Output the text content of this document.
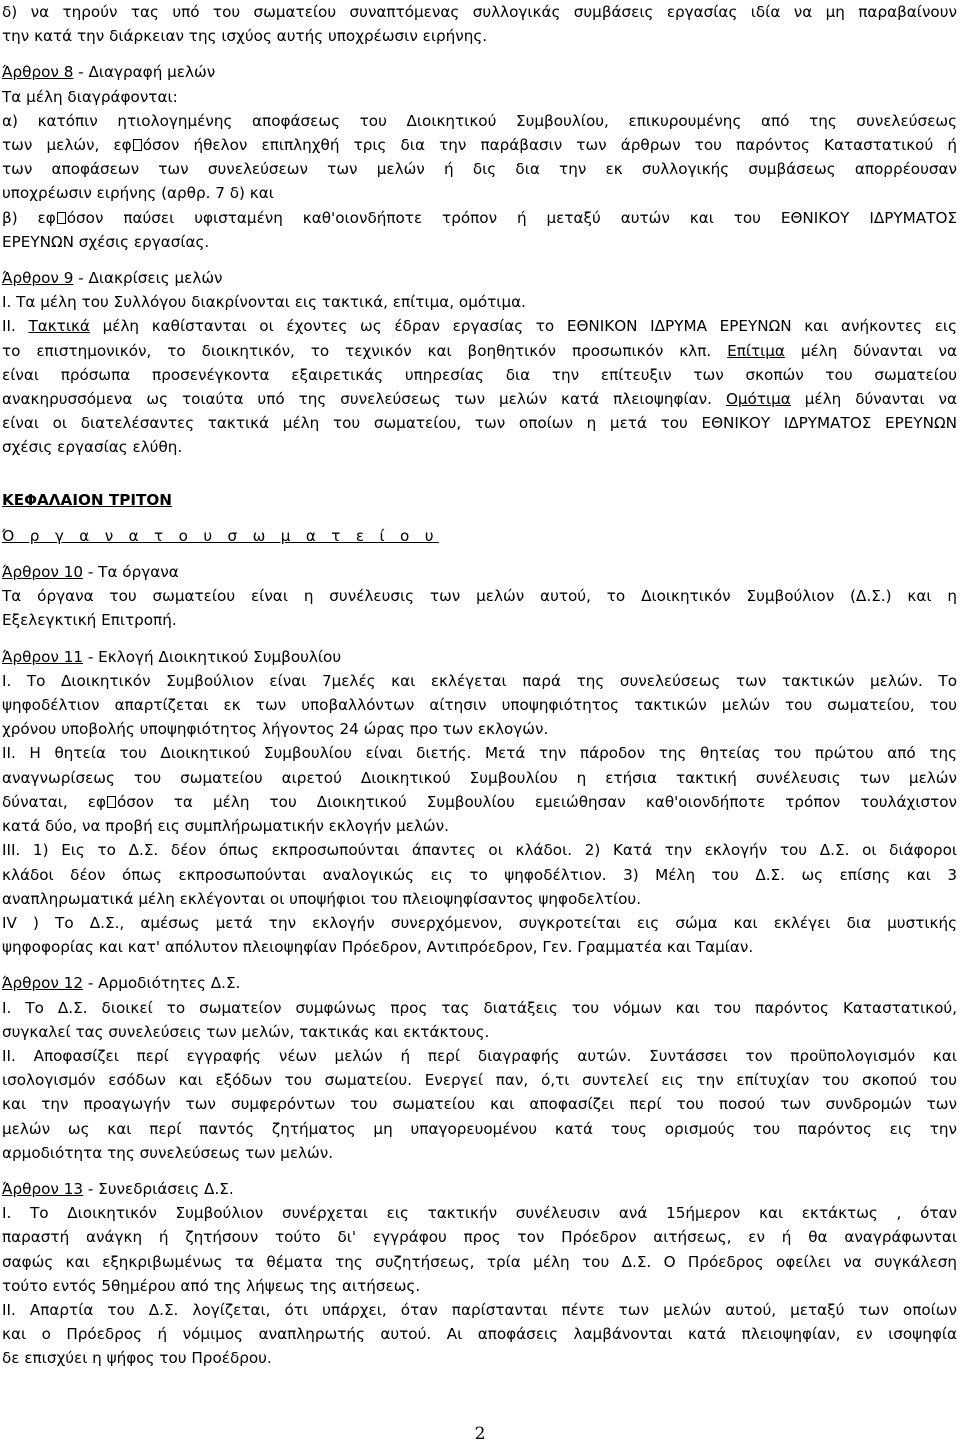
δ) να τηρούν τας υπό του σωματείου συναπτόμενας συλλογικάς συμβάσεις εργασίας ιδία να μη παραβαίνουν
την κατά την διάρκειαν της ισχύος αυτής υποχρέωσιν ειρήνης.
Άρθρον 8 - Διαγραφή μελών
Τα μέλη διαγράφονται:
α) κατόπιν ητιολογημένης αποφάσεως του Διοικητικού Συμβουλίου, επικυρουμένης από της συνελεύσεως
των μελών, εφ όσον ήθελον επιπληχθή τρις δια την παράβασιν των άρθρων του παρόντος Καταστατικού ή
των αποφάσεων των συνελεύσεων των μελών ή δις δια την εκ συλλογικής συμβάσεως απορρέουσαν
υποχρέωσιν ειρήνης (αρθρ. 7 δ) και
β) εφ όσον παύσει υφισταμένη καθ'οιονδήποτε τρόπον ή μεταξύ αυτών και του ΕΘΝΙΚΟΥ ΙΔΡΥΜΑΤΟΣ
ΕΡΕΥΝΩΝ σχέσις εργασίας.
Άρθρον 9 - Διακρίσεις μελών
Ι. Τα μέλη του Συλλόγου διακρίνονται εις τακτικά, επίτιμα, ομότιμα.
ΙΙ. Τακτικά μέλη καθίστανται οι έχοντες ως έδραν εργασίας το ΕΘΝΙΚΟΝ ΙΔΡΥΜΑ ΕΡΕΥΝΩΝ και ανήκοντες εις
το επιστημονικόν, το διοικητικόν, το τεχνικόν και βοηθητικόν προσωπικόν κλπ. Επίτιμα μέλη δύνανται να
είναι πρόσωπα προσενέγκοντα εξαιρετικάς υπηρεσίας δια την επίτευξιν των σκοπών του σωματείου
ανακηρυσσόμενα ως τοιαύτα υπό της συνελεύσεως των μελών κατά πλειοψηφίαν. Ομότιμα μέλη δύνανται να
είναι οι διατελέσαντες τακτικά μέλη του σωματείου, των οποίων η μετά του ΕΘΝΙΚΟΥ ΙΔΡΥΜΑΤΟΣ ΕΡΕΥΝΩΝ
σχέσις εργασίας ελύθη.
ΚΕΦΑΛΑΙΟΝ ΤΡΙΤΟΝ
Ό ρ γ α ν α τ ο υ σ ω μ α τ ε ί ο υ
Άρθρον 10 - Τα όργανα
Τα όργανα του σωματείου είναι η συνέλευσις των μελών αυτού, το Διοικητικόν Συμβούλιον (Δ.Σ.) και η
Εξελεγκτική Επιτροπή.
Άρθρον 11 - Εκλογή Διοικητικού Συμβουλίου
Ι. Το Διοικητικόν Συμβούλιον είναι 7μελές και εκλέγεται παρά της συνελεύσεως των τακτικών μελών. Το
ψηφοδέλτιον απαρτίζεται εκ των υποβαλλόντων αίτησιν υποψηφιότητος τακτικών μελών του σωματείου, του
χρόνου υποβολής υποψηφιότητος λήγοντος 24 ώρας προ των εκλογών.
ΙΙ. Η θητεία του Διοικητικού Συμβουλίου είναι διετής. Μετά την πάροδον της θητείας του πρώτου από της
αναγνωρίσεως του σωματείου αιρετού Διοικητικού Συμβουλίου η ετήσια τακτική συνέλευσις των μελών
δύναται, εφ όσον τα μέλη του Διοικητικού Συμβουλίου εμειώθησαν καθ'οιονδήποτε τρόπον τουλάχιστον
κατά δύο, να προβή εις συμπλήρωματικήν εκλογήν μελών.
ΙΙΙ. 1) Εις το Δ.Σ. δέον όπως εκπροσωπούνται άπαντες οι κλάδοι. 2) Κατά την εκλογήν του Δ.Σ. οι διάφοροι
κλάδοι δέον όπως εκπροσωπούνται αναλογικώς εις το ψηφοδέλτιον. 3) Μέλη του Δ.Σ. ως επίσης και 3
αναπληρωματικά μέλη εκλέγονται οι υποψήφιοι του πλειοψηφίσαντος ψηφοδελτίου.
IV ) Το Δ.Σ., αμέσως μετά την εκλογήν συνερχόμενον, συγκροτείται εις σώμα και εκλέγει δια μυστικής
ψηφοφορίας και κατ' απόλυτον πλειοψηφίαν Πρόεδρον, Αντιπρόεδρον, Γεν. Γραμματέα και Ταμίαν.
Άρθρον 12 - Αρμοδιότητες Δ.Σ.
Ι. Το Δ.Σ. διοικεί το σωματείον συμφώνως προς τας διατάξεις του νόμων και του παρόντος Καταστατικού,
συγκαλεί τας συνελεύσεις των μελών, τακτικάς και εκτάκτους.
ΙΙ. Αποφασίζει περί εγγραφής νέων μελών ή περί διαγραφής αυτών. Συντάσσει τον προϋπολογισμόν και
ισολογισμόν εσόδων και εξόδων του σωματείου. Ενεργεί παν, ό,τι συντελεί εις την επίτυχίαν του σκοπού του
και την προαγωγήν των συμφερόντων του σωματείου και αποφασίζει περί του ποσού των συνδρομών των
μελών ως και περί παντός ζητήματος μη υπαγορευομένου κατά τους ορισμούς του παρόντος εις την
αρμοδιότητα της συνελεύσεως των μελών.
Άρθρον 13 - Συνεδριάσεις Δ.Σ.
Ι. Το Διοικητικόν Συμβούλιον συνέρχεται εις τακτικήν συνέλευσιν ανά 15ήμερον και εκτάκτως , όταν
παραστή ανάγκη ή ζητήσουν τούτο δι' εγγράφου προς τον Πρόεδρον αιτήσεως, εν ή θα αναγράφωνται
σαφώς και εξηκριβωμένως τα θέματα της συζητήσεως, τρία μέλη του Δ.Σ. Ο Πρόεδρος οφείλει να συγκάλεση
τούτο εντός 5θημέρου από της λήψεως της αιτήσεως.
ΙΙ. Απαρτία του Δ.Σ. λογίζεται, ότι υπάρχει, όταν παρίστανται πέντε των μελών αυτού, μεταξύ των οποίων
και ο Πρόεδρος ή νόμιμος αναπληρωτής αυτού. Αι αποφάσεις λαμβάνονται κατά πλειοψηφίαν, εν ισοψηφία
δε επισχύει η ψήφος του Προέδρου.
2
